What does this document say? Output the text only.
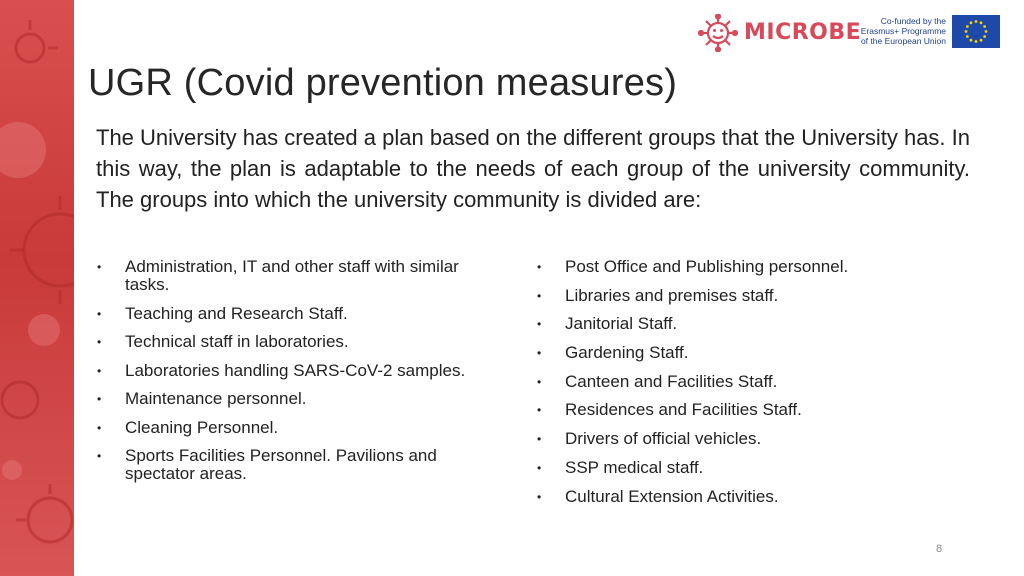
MICROBE	Co-funded by the
Erasmus+ Programme
of the European Union
UGR (Covid prevention measures)

The University has created a plan based on the different groups that the University has. In this way, the plan is adaptable to the needs of each group of the university community. The groups into which the university community is divided are:

• Administration, IT and other staff with similar tasks.
• Teaching and Research Staff.
• Technical staff in laboratories.
• Laboratories handling SARS-CoV-2 samples.
• Maintenance personnel.
• Cleaning Personnel.
• Sports Facilities Personnel. Pavilions and spectator areas.
• Post Office and Publishing personnel.
• Libraries and premises staff.
• Janitorial Staff.
• Gardening Staff.
• Canteen and Facilities Staff.
• Residences and Facilities Staff.
• Drivers of official vehicles.
• SSP medical staff.
• Cultural Extension Activities.
8
